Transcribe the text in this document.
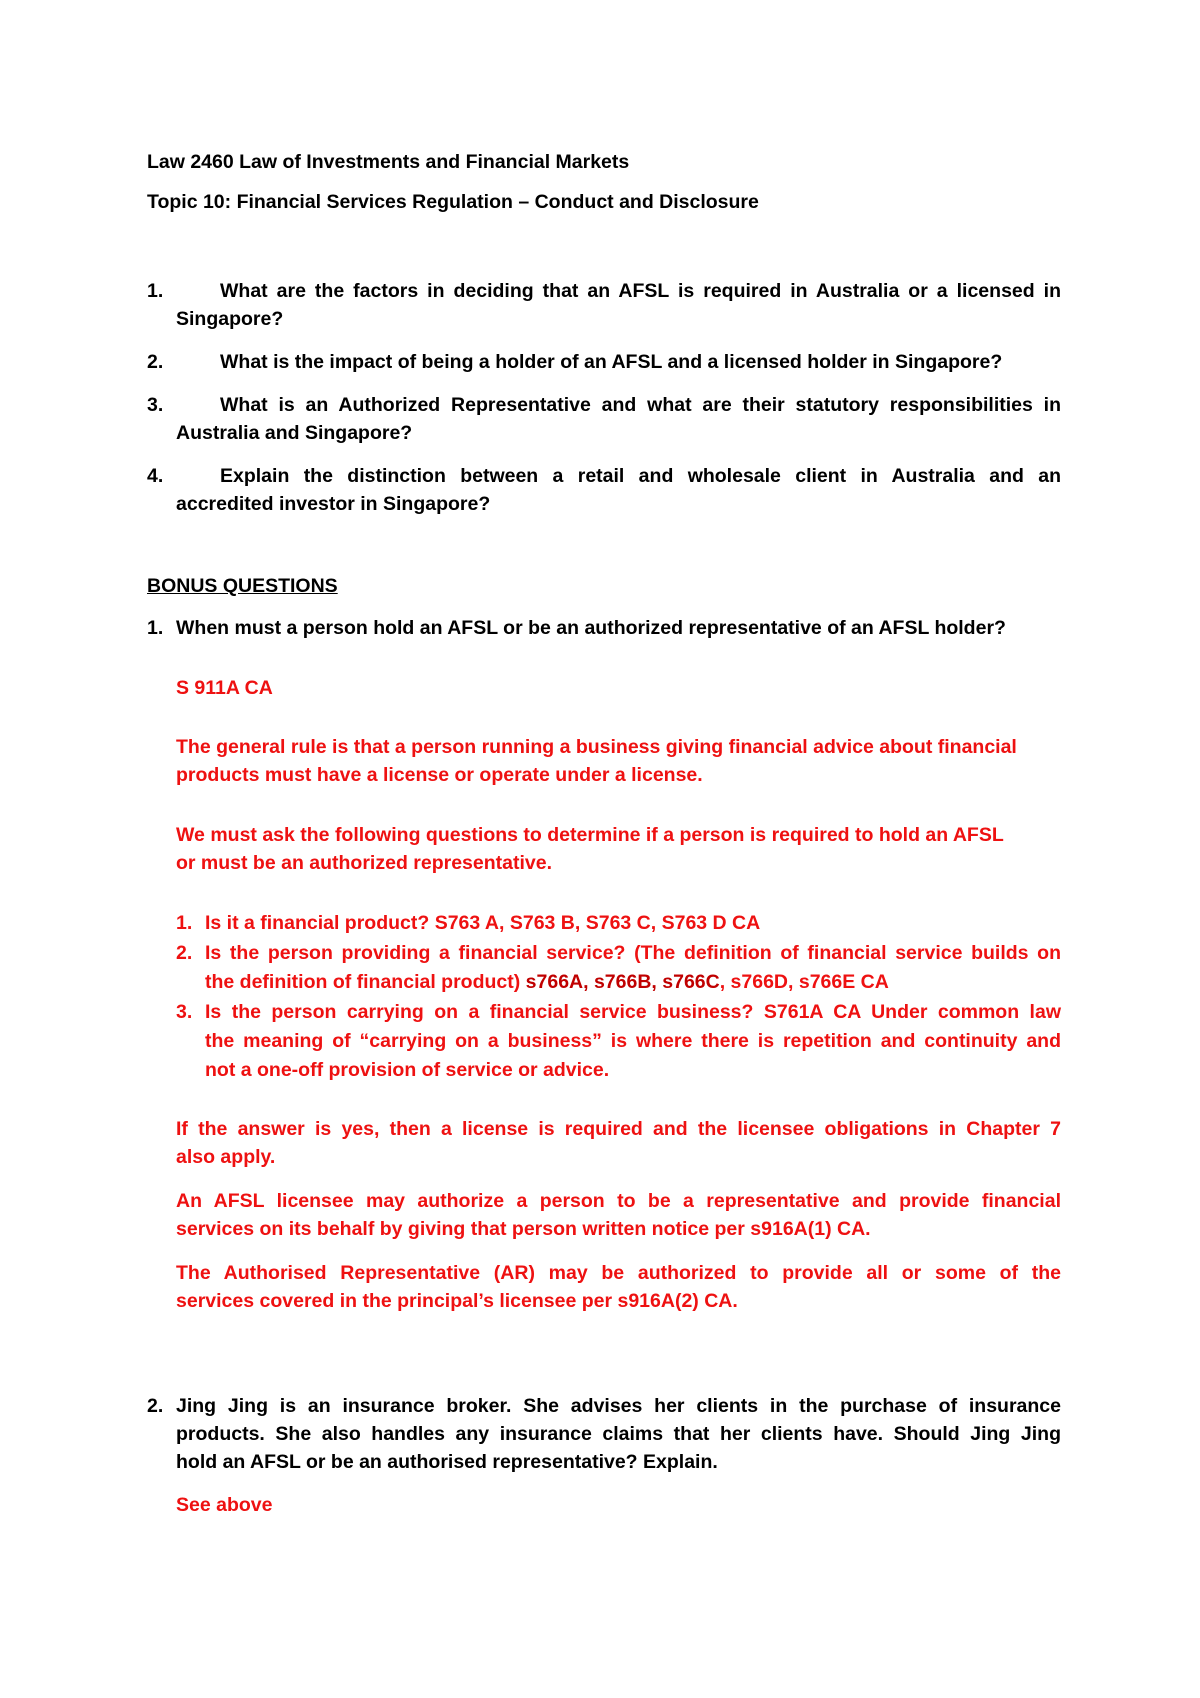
Law 2460 Law of Investments and Financial Markets

Topic 10: Financial Services Regulation – Conduct and Disclosure

1.	What are the factors in deciding that an AFSL is required in Australia or a licensed in

Singapore?

2.	What is the impact of being a holder of an AFSL and a licensed holder in Singapore?

3.	What is an Authorized Representative and what are their statutory responsibilities in

Australia and Singapore?

4.	Explain the distinction between a retail and wholesale client in Australia and an

accredited investor in Singapore?

BONUS QUESTIONS

1. When must a person hold an AFSL or be an authorized representative of an AFSL holder?

S 911A CA

The general rule is that a person running a business giving financial advice about financial

products must have a license or operate under a license.

We must ask the following questions to determine if a person is required to hold an AFSL

or must be an authorized representative.

1. Is it a financial product? S763 A, S763 B, S763 C, S763 D CA

2. Is the person providing a financial service? (The definition of financial service builds on

the definition of financial product) s766A, s766B, s766C, s766D, s766E CA

3. Is the person carrying on a financial service business? S761A CA Under common law

the meaning of “carrying on a business” is where there is repetition and continuity and

not a one-off provision of service or advice.

If the answer is yes, then a license is required and the licensee obligations in Chapter 7

also apply.

An AFSL licensee may authorize a person to be a representative and provide financial

services on its behalf by giving that person written notice per s916A(1) CA.

The Authorised Representative (AR) may be authorized to provide all or some of the

services covered in the principal’s licensee per s916A(2) CA.

2. Jing Jing is an insurance broker. She advises her clients in the purchase of insurance

products. She also handles any insurance claims that her clients have. Should Jing Jing

hold an AFSL or be an authorised representative? Explain.

See above
